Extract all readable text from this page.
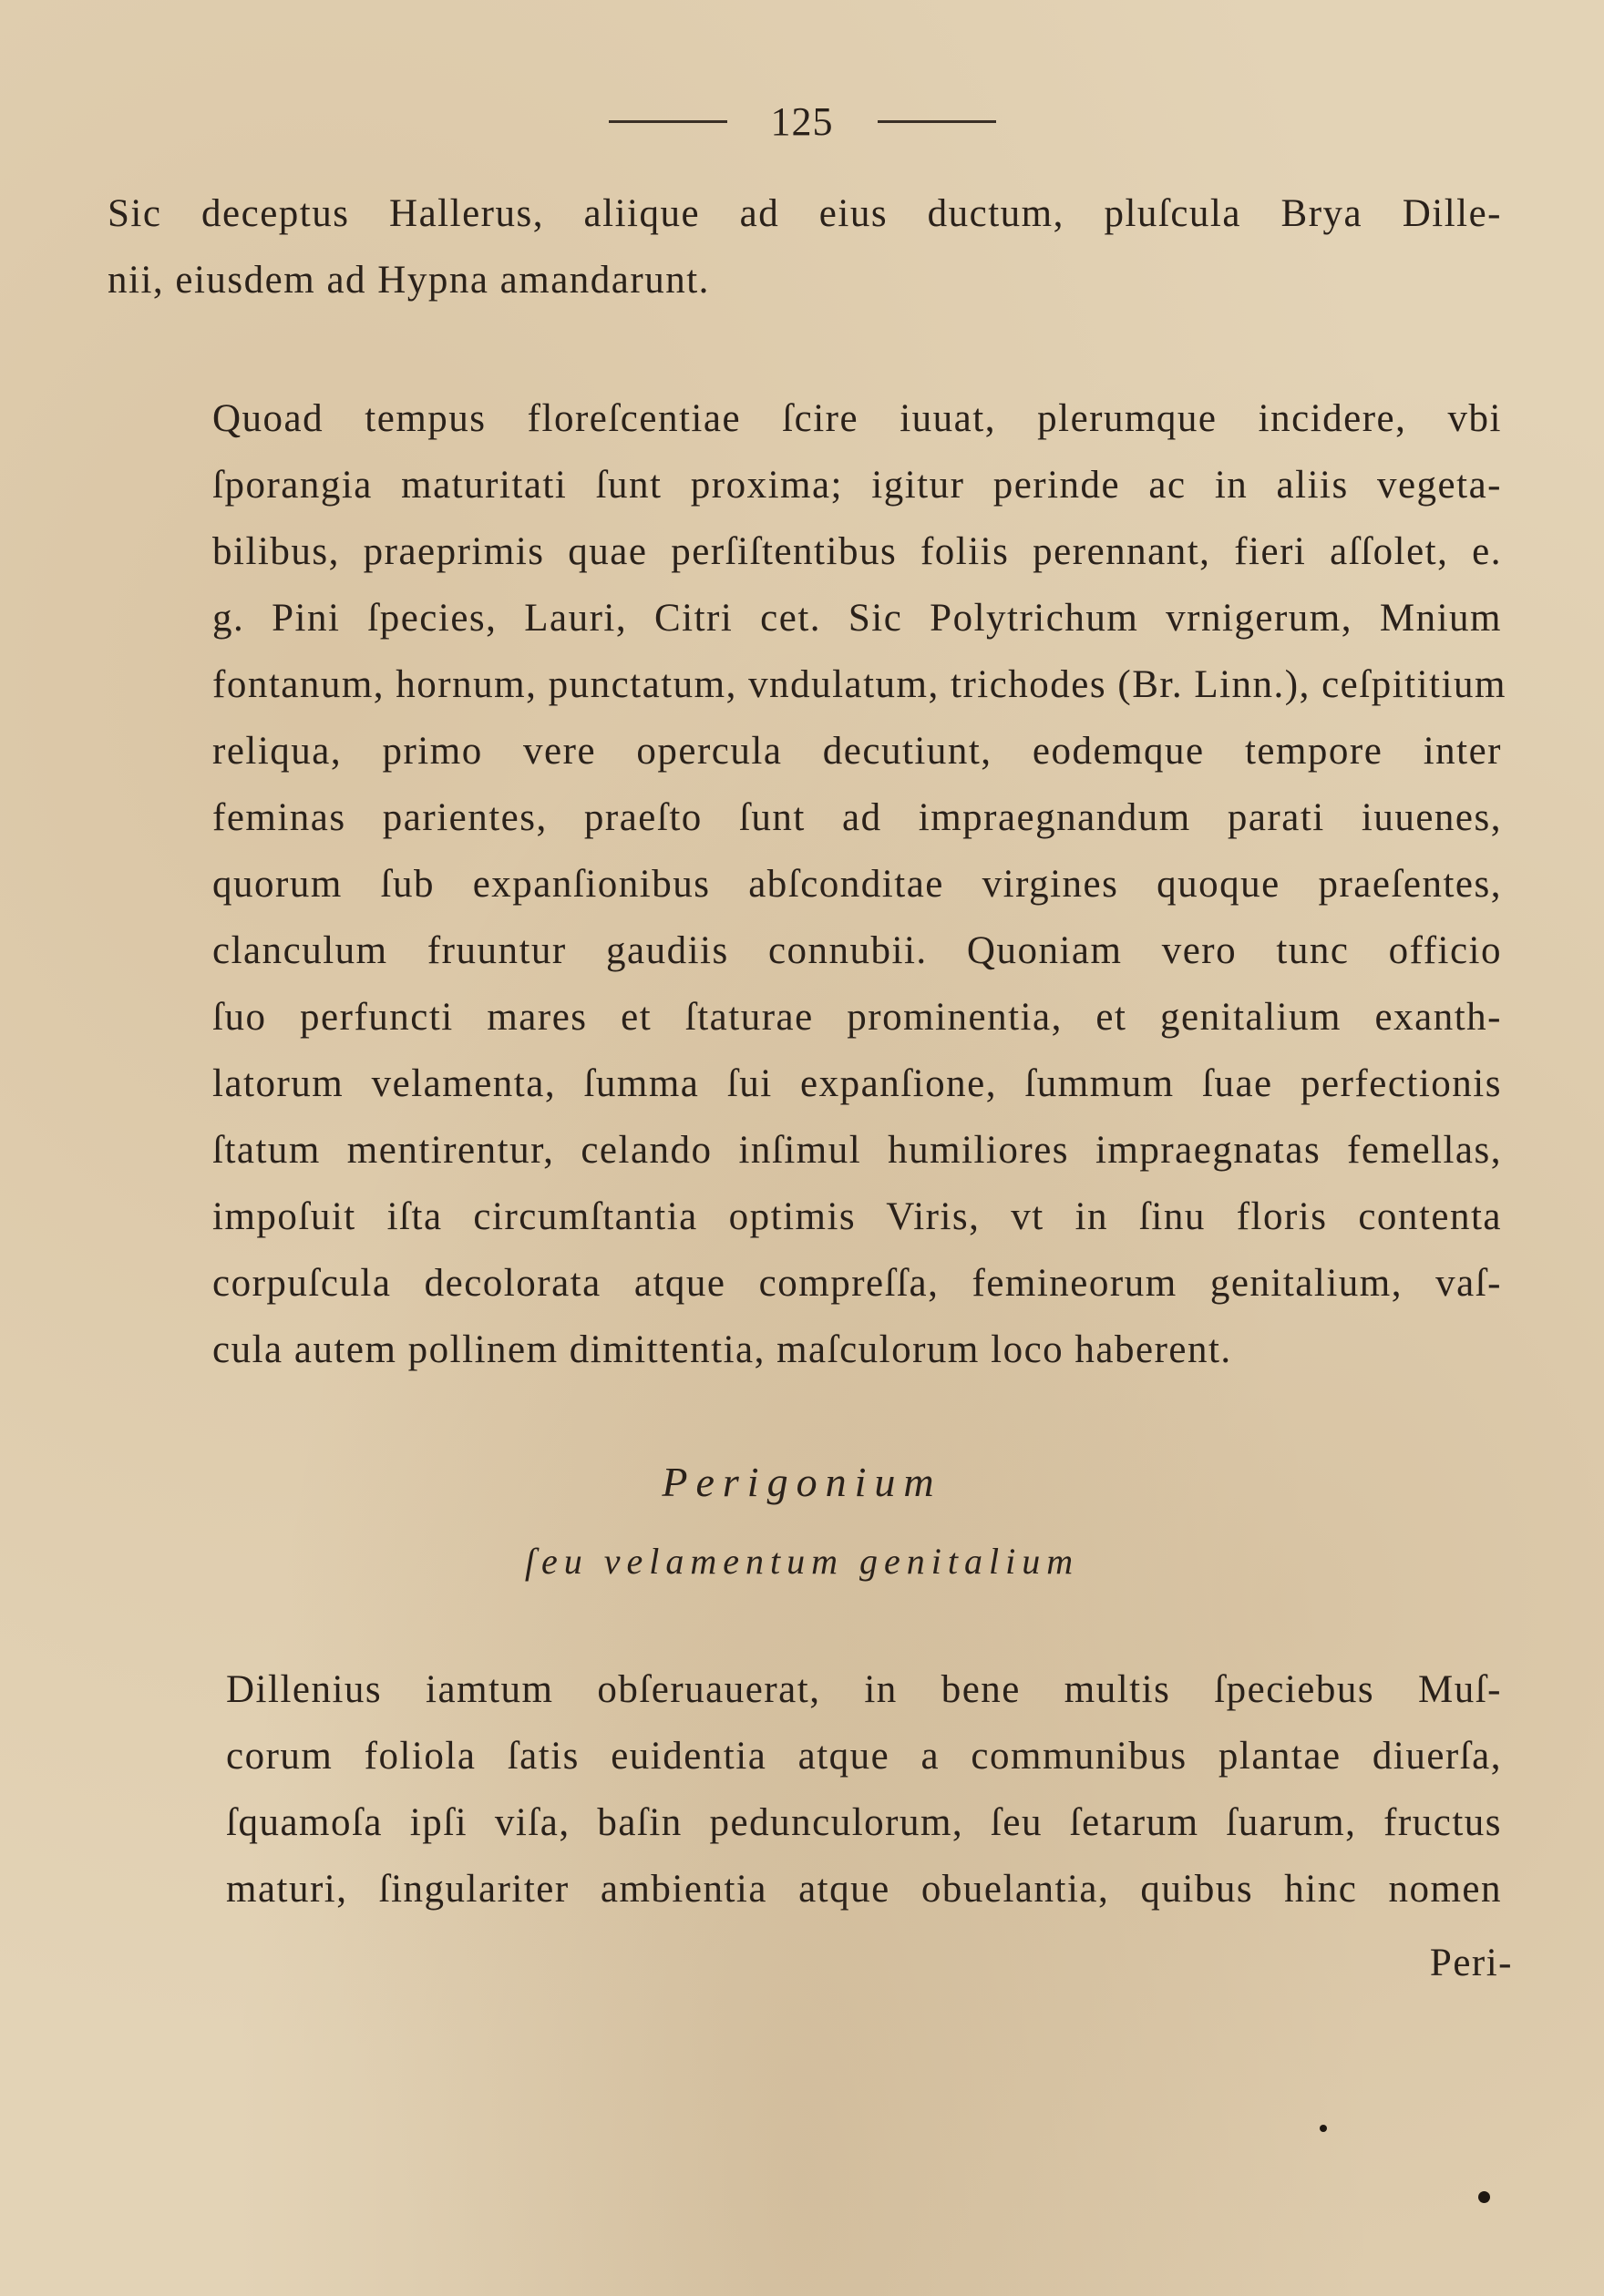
125
Sic deceptus Hallerus, aliique ad eius ductum, pluſcula Brya Dille-
nii, eiusdem ad Hypna amandarunt.
Quoad tempus floreſcentiae ſcire iuuat, plerumque incidere, vbi
ſporangia maturitati ſunt proxima; igitur perinde ac in aliis vegeta-
bilibus, praeprimis quae perſiſtentibus foliis perennant, fieri aſſolet, e.
g. Pini ſpecies, Lauri, Citri cet. Sic Polytrichum vrnigerum, Mnium
fontanum, hornum, punctatum, vndulatum, trichodes (Br. Linn.), ceſpititium
reliqua, primo vere opercula decutiunt, eodemque tempore inter
feminas parientes, praeſto ſunt ad impraegnandum parati iuuenes,
quorum ſub expanſionibus abſconditae virgines quoque praeſentes,
clanculum fruuntur gaudiis connubii. Quoniam vero tunc officio
ſuo perfuncti mares et ſtaturae prominentia, et genitalium exanth-
latorum velamenta, ſumma ſui expanſione, ſummum ſuae perfectionis
ſtatum mentirentur, celando inſimul humiliores impraegnatas femellas,
impoſuit iſta circumſtantia optimis Viris, vt in ſinu floris contenta
corpuſcula decolorata atque compreſſa, femineorum genitalium, vaſ-
cula autem pollinem dimittentia, maſculorum loco haberent.
Perigonium
ſeu velamentum genitalium
Dillenius iamtum obſeruauerat, in bene multis ſpeciebus Muſ-
corum foliola ſatis euidentia atque a communibus plantae diuerſa,
ſquamoſa ipſi viſa, baſin pedunculorum, ſeu ſetarum ſuarum, fructus
maturi, ſingulariter ambientia atque obuelantia, quibus hinc nomen
Peri-
